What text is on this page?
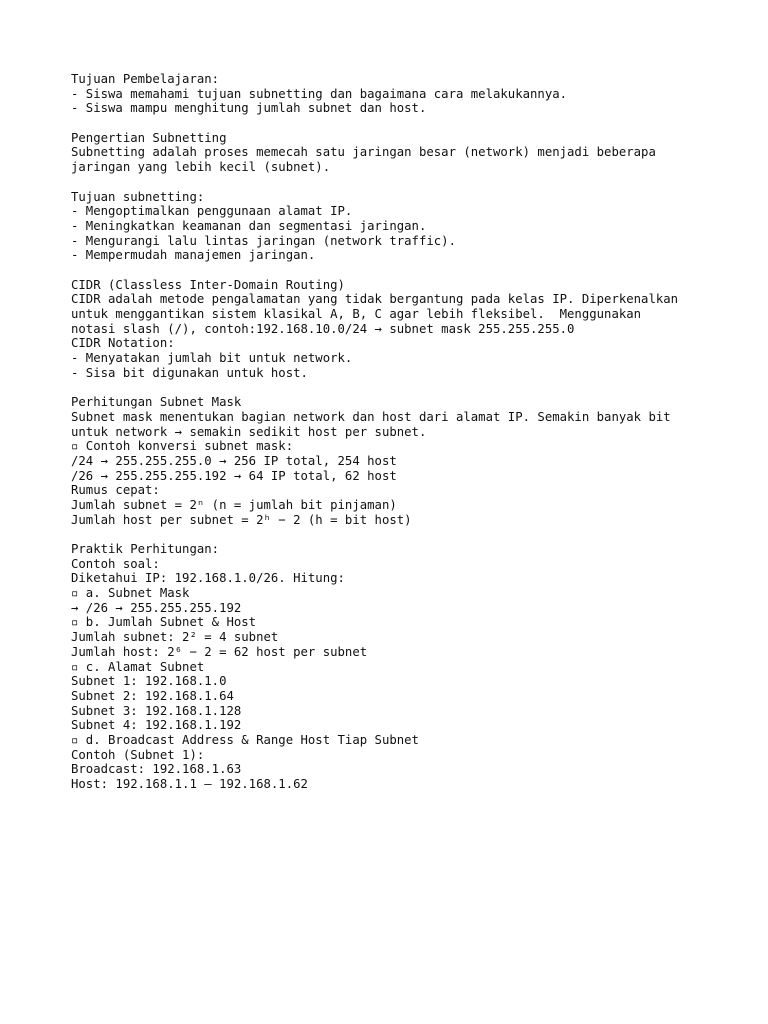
Tujuan Pembelajaran:
- Siswa memahami tujuan subnetting dan bagaimana cara melakukannya.
- Siswa mampu menghitung jumlah subnet dan host.
Pengertian Subnetting
Subnetting adalah proses memecah satu jaringan besar (network) menjadi beberapa
jaringan yang lebih kecil (subnet).
Tujuan subnetting:
- Mengoptimalkan penggunaan alamat IP.
- Meningkatkan keamanan dan segmentasi jaringan.
- Mengurangi lalu lintas jaringan (network traffic).
- Mempermudah manajemen jaringan.
CIDR (Classless Inter-Domain Routing)
CIDR adalah metode pengalamatan yang tidak bergantung pada kelas IP. Diperkenalkan
untuk menggantikan sistem klasikal A, B, C agar lebih fleksibel.  Menggunakan
notasi slash (/), contoh:192.168.10.0/24 → subnet mask 255.255.255.0
CIDR Notation:
- Menyatakan jumlah bit untuk network.
- Sisa bit digunakan untuk host.
Perhitungan Subnet Mask
Subnet mask menentukan bagian network dan host dari alamat IP. Semakin banyak bit
untuk network → semakin sedikit host per subnet.
▫ Contoh konversi subnet mask:
/24 → 255.255.255.0 → 256 IP total, 254 host
/26 → 255.255.255.192 → 64 IP total, 62 host
Rumus cepat:
Jumlah subnet = 2ⁿ (n = jumlah bit pinjaman)
Jumlah host per subnet = 2ʰ − 2 (h = bit host)
Praktik Perhitungan:
Contoh soal:
Diketahui IP: 192.168.1.0/26. Hitung:
▫ a. Subnet Mask
→ /26 → 255.255.255.192
▫ b. Jumlah Subnet & Host
Jumlah subnet: 2² = 4 subnet
Jumlah host: 2⁶ − 2 = 62 host per subnet
▫ c. Alamat Subnet
Subnet 1: 192.168.1.0
Subnet 2: 192.168.1.64
Subnet 3: 192.168.1.128
Subnet 4: 192.168.1.192
▫ d. Broadcast Address & Range Host Tiap Subnet
Contoh (Subnet 1):
Broadcast: 192.168.1.63
Host: 192.168.1.1 – 192.168.1.62
